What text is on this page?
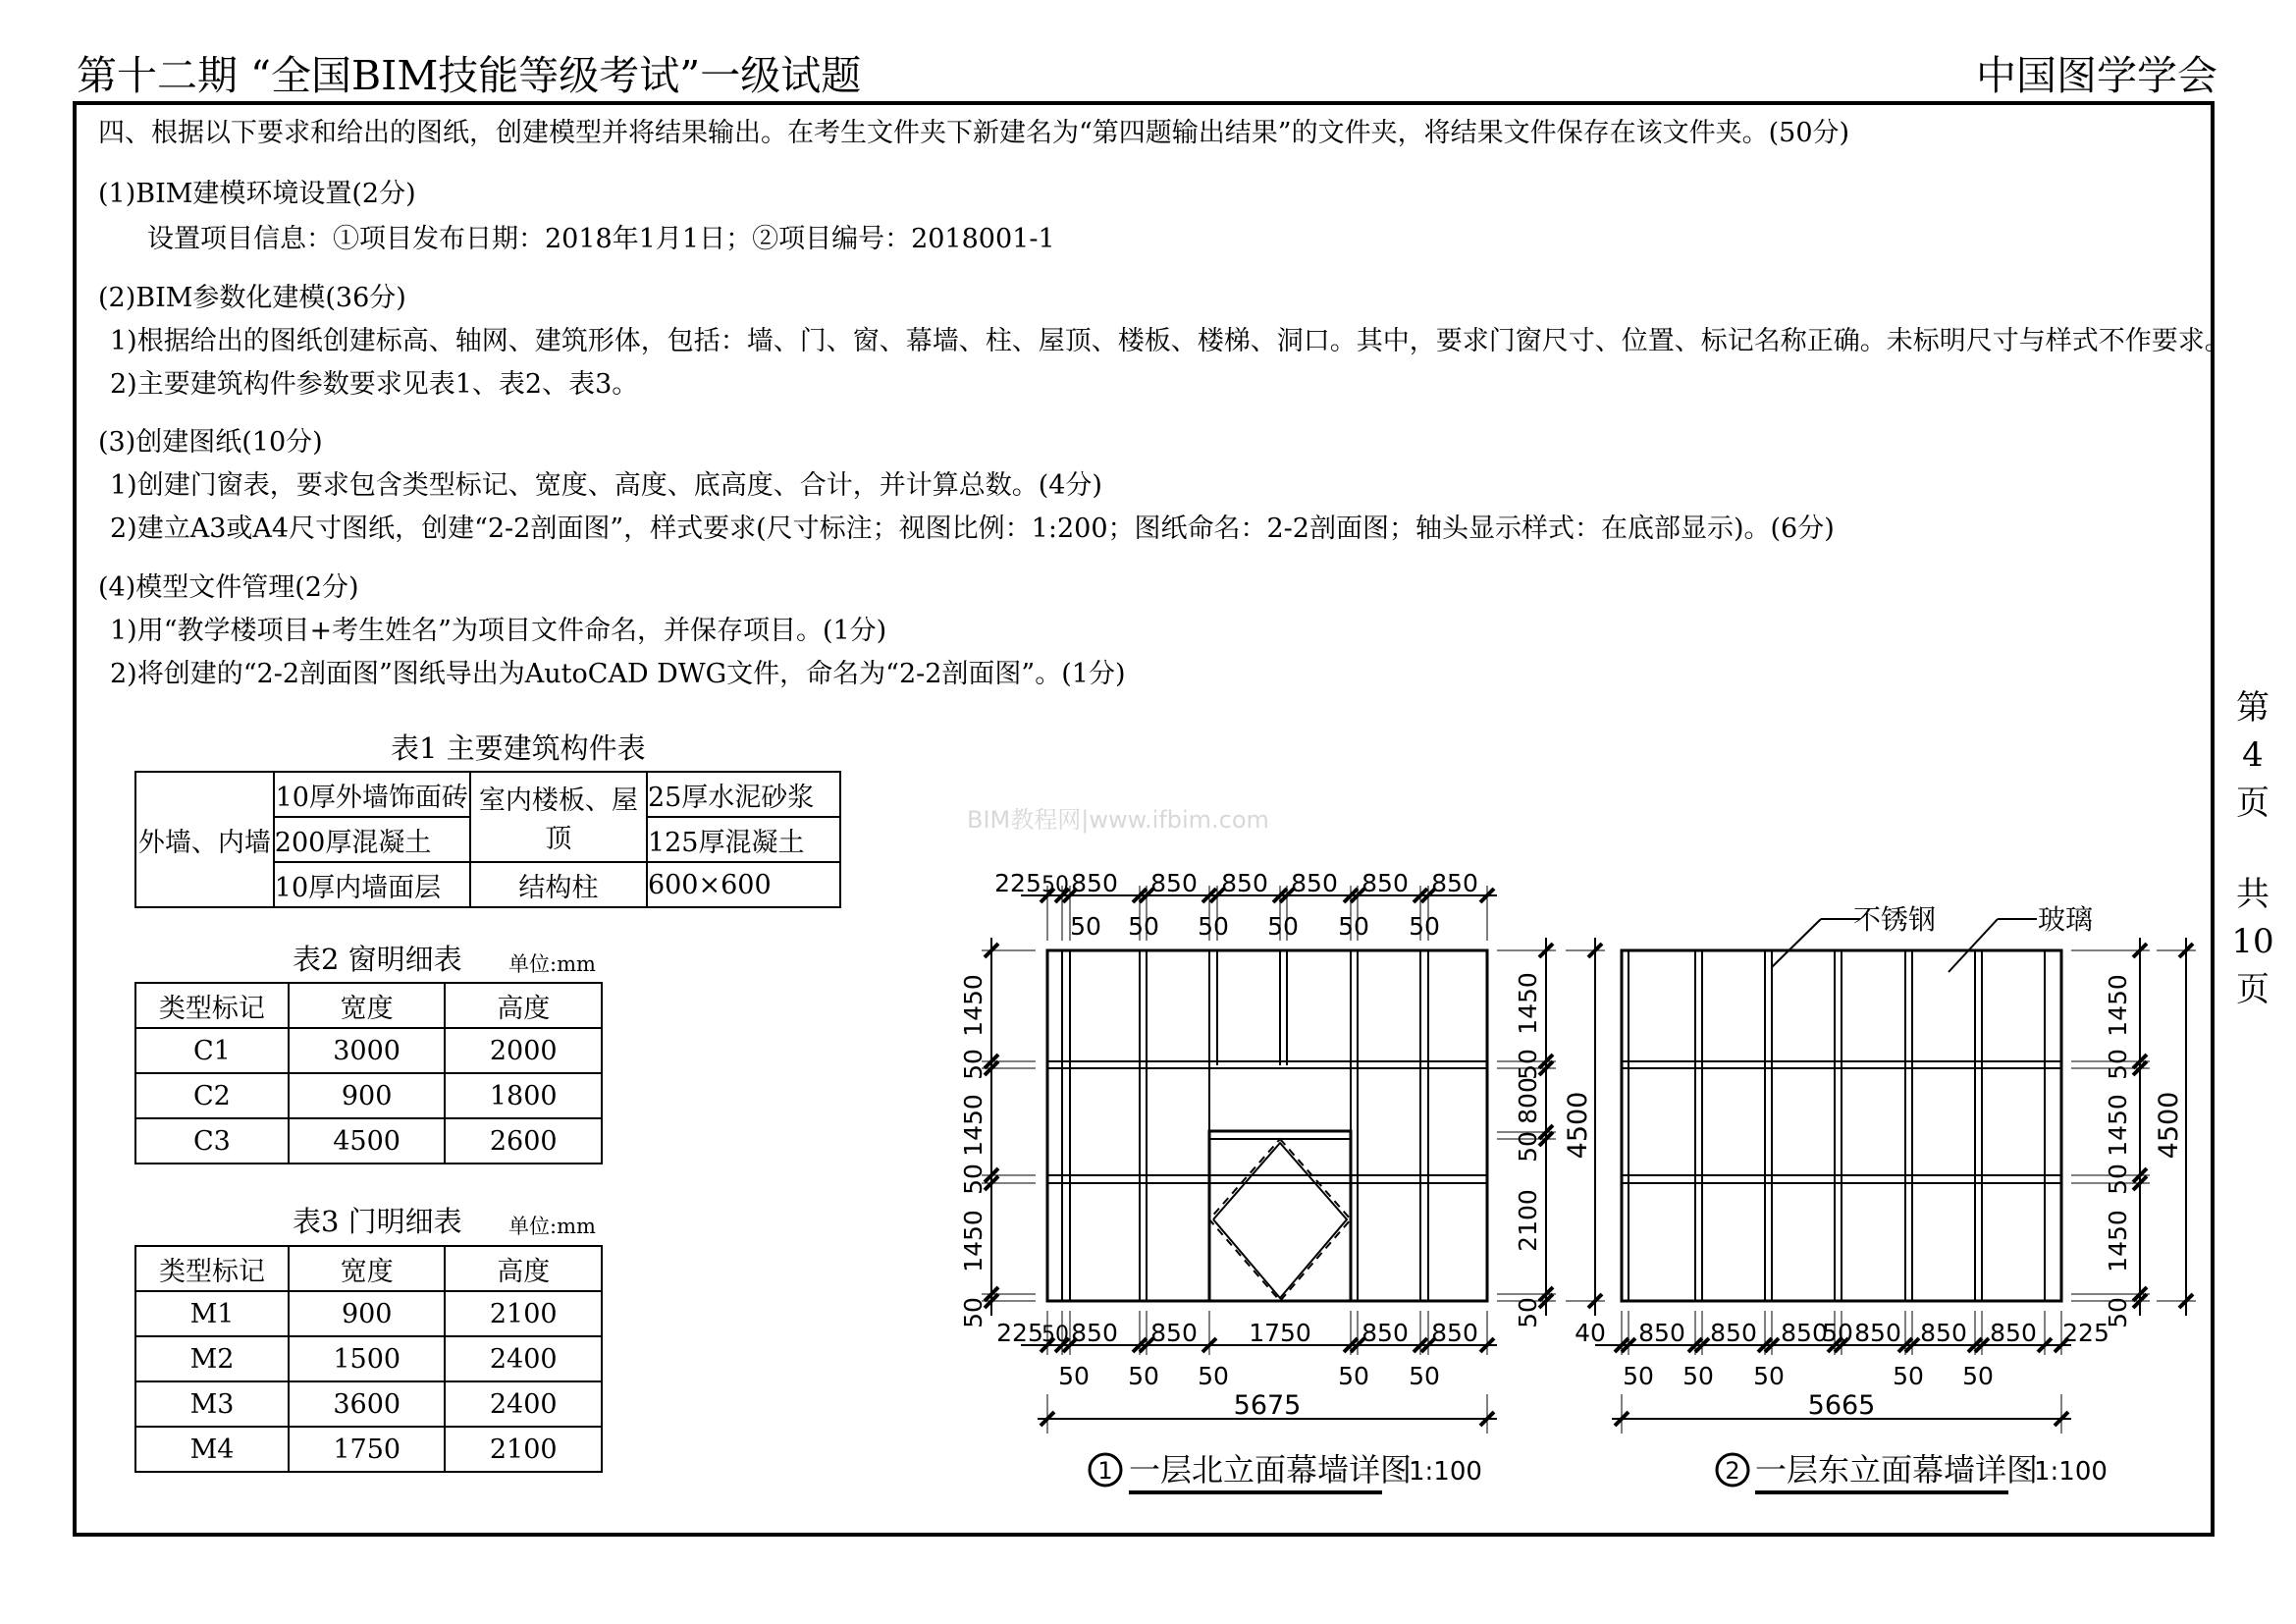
第十二期 “全国BIM技能等级考试”一级试题	中国图学学会
四、根据以下要求和给出的图纸，创建模型并将结果输出。在考生文件夹下新建名为“第四题输出结果”的文件夹，将结果文件保存在该文件夹。(50分)
(1)BIM建模环境设置(2分)
设置项目信息：①项目发布日期：2018年1月1日；②项目编号：2018001-1
(2)BIM参数化建模(36分)
1)根据给出的图纸创建标高、轴网、建筑形体，包括：墙、门、窗、幕墙、柱、屋顶、楼板、楼梯、洞口。其中，要求门窗尺寸、位置、标记名称正确。未标明尺寸与样式不作要求。
2)主要建筑构件参数要求见表1、表2、表3。
(3)创建图纸(10分)
1)创建门窗表，要求包含类型标记、宽度、高度、底高度、合计，并计算总数。(4分)
2)建立A3或A4尺寸图纸，创建“2-2剖面图”，样式要求(尺寸标注；视图比例：1:200；图纸命名：2-2剖面图；轴头显示样式：在底部显示)。(6分)
(4)模型文件管理(2分)
1)用“教学楼项目+考生姓名”为项目文件命名，并保存项目。(1分)
2)将创建的“2-2剖面图”图纸导出为AutoCAD DWG文件，命名为“2-2剖面图”。(1分)
表1 主要建筑构件表
外墙、内墙	10厚外墙饰面砖	室内楼板、屋顶	25厚水泥砂浆
	200厚混凝土		125厚混凝土
	10厚内墙面层	结构柱	600×600
表2 窗明细表 单位:mm
类型标记	宽度	高度
C1	3000	2000
C2	900	1800
C3	4500	2600
表3 门明细表 单位:mm
类型标记	宽度	高度
M1	900	2100
M2	1500	2400
M3	3600	2400
M4	1750	2100
第
4
页
共
10
页
BIM教程网|www.ifbim.com
225 850 850 850 850 850 850
50
50 50 50 50 50 50
1450
50
1450
50
1450
50
225
50 850 850 1750 850 850
50 50 50	50 50
5675
1450
50
800
50
2100
50
4500
1 一层北立面幕墙详图
1:100
不锈钢	玻璃
40 850 850 850
50 850 850 850 225
50 50 50	50 50
5665
1450
50
1450
50
1450
50
4500
2 一层东立面幕墙详图
1:100
